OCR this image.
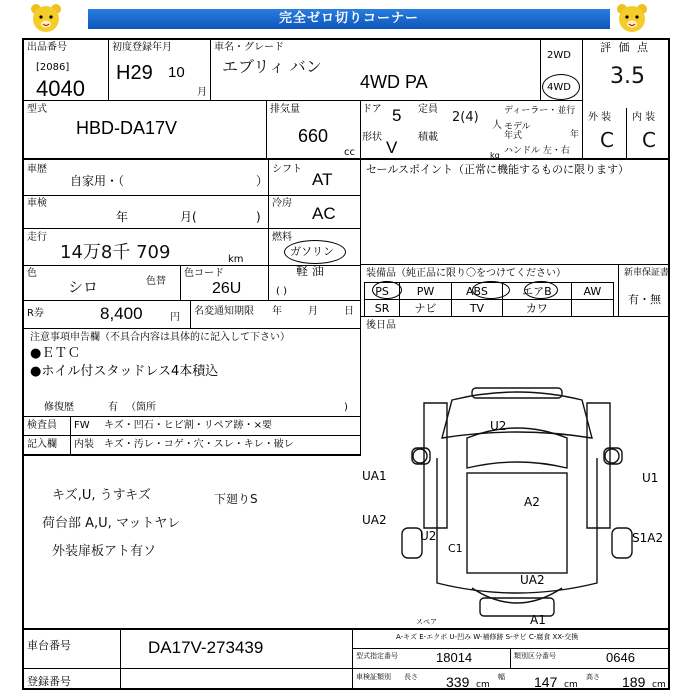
完全ゼロ切りコーナー
出品番号
[2086]
4040
初度登録年月
H29 10
月
車名・グレード
エブリィ バン
4WD PA
2WD
4WD
評 価 点
3.5
型式
HBD-DA17V
排気量
660
cc
ドア 5 定員
2(4)
人
形状
V
積載
kg
ディーラー・並行
モデル
年式	年
ハンドル 左・右
外 装 内 装
C C
車歴
自家用・（	）
シフト
AT
セールスポイント（正常に機能するものに限ります）
車検
年	月(	)
冷房
AC
走行
14万8千 709	km
燃料
ガソリン
軽 油
( )
色
シロ	色替
色コード
26U
R券	8,400	円
名変通知期限 年	月	日
装備品（純正品に限り〇をつけてください）
PS	PW	ABS	エアB	AW
SR	ナビ	TV	カワ	
新車保証書
有・無
後日品
注意事項申告欄（不具合内容は具体的に記入して下さい）
●ＥＴＣ
●ホイル付スタッドレス4本積込
修復歴	有 （箇所	)
検査員
記入欄
FW キズ・凹石・ヒビ割・リペア跡・×要
内装 キズ・汚レ・コゲ・穴・スレ・キレ・破レ
キズ,U, うすキズ
荷台部 A,U, マットヤレ
外装扉板アト有ソ
下廻りS
U2
A2
UA1
UA2
U2
C1
U1
S1A2
UA2
A1
スペア
車台番号	DA17V-273439
登録番号
A-キズ E-エクボ U-凹み W-補修跡 S-サビ C-腐食 XX-交換
型式指定番号	18014	類別区分番号	0646
車検証類別 長さ 339 cm
幅 147 cm
高さ 189 cm
